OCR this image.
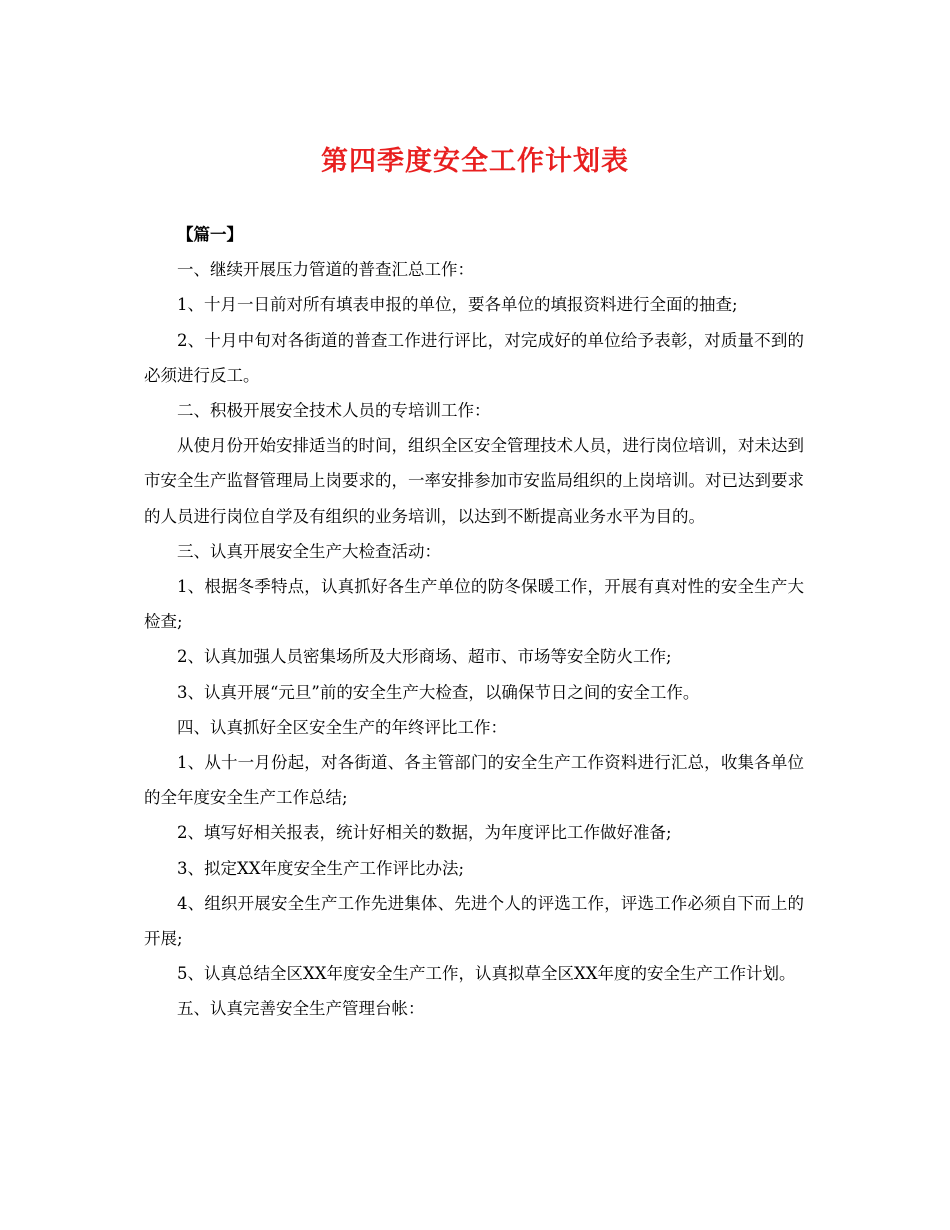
第四季度安全工作计划表

【篇一】

一、继续开展压力管道的普查汇总工作：

1、十月一日前对所有填表申报的单位，要各单位的填报资料进行全面的抽查;

2、十月中旬对各街道的普查工作进行评比，对完成好的单位给予表彰，对质量不到的必须进行反工。

二、积极开展安全技术人员的专培训工作：

从使月份开始安排适当的时间，组织全区安全管理技术人员，进行岗位培训，对未达到市安全生产监督管理局上岗要求的，一率安排参加市安监局组织的上岗培训。对已达到要求的人员进行岗位自学及有组织的业务培训，以达到不断提高业务水平为目的。

三、认真开展安全生产大检查活动：

1、根据冬季特点，认真抓好各生产单位的防冬保暖工作，开展有真对性的安全生产大检查;

2、认真加强人员密集场所及大形商场、超市、市场等安全防火工作;

3、认真开展“元旦”前的安全生产大检查，以确保节日之间的安全工作。

四、认真抓好全区安全生产的年终评比工作：

1、从十一月份起，对各街道、各主管部门的安全生产工作资料进行汇总，收集各单位的全年度安全生产工作总结;

2、填写好相关报表，统计好相关的数据，为年度评比工作做好准备;

3、拟定XX年度安全生产工作评比办法;

4、组织开展安全生产工作先进集体、先进个人的评选工作，评选工作必须自下而上的开展;

5、认真总结全区XX年度安全生产工作，认真拟草全区XX年度的安全生产工作计划。

五、认真完善安全生产管理台帐：
